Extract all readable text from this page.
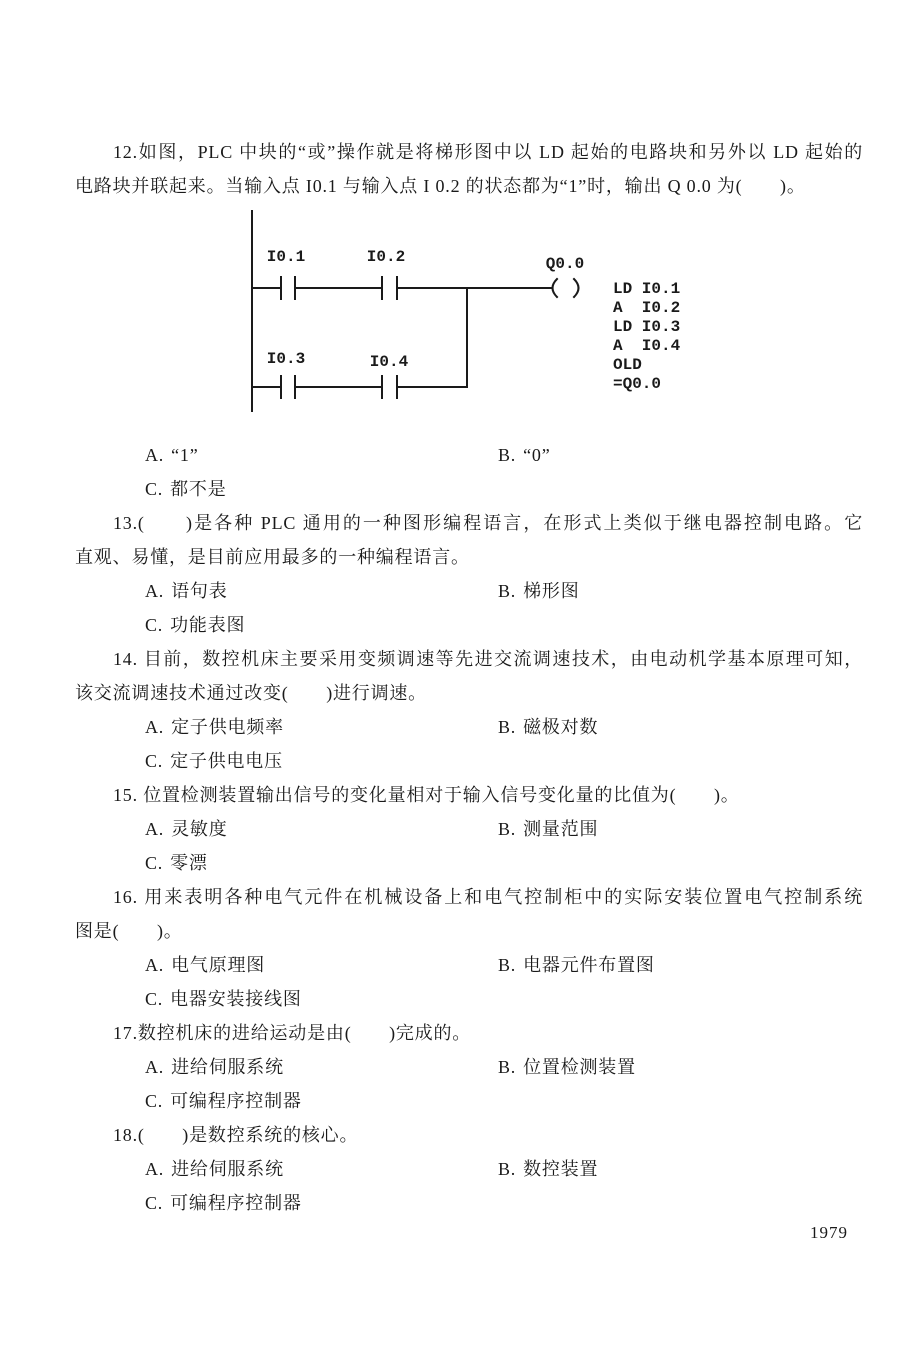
12.如图，PLC 中块的“或”操作就是将梯形图中以 LD 起始的电路块和另外以 LD 起始的
电路块并联起来。当输入点 I0.1 与输入点 I 0.2 的状态都为“1”时，输出 Q 0.0 为(　　)。
I0.1	I0.2
I0.3	I0.4
Q0.0
LD I0.1
A  I0.2
LD I0.3
A  I0.4
OLD
=Q0.0
A. “1”	B. “0”
C. 都不是
13.(　　)是各种 PLC 通用的一种图形编程语言，在形式上类似于继电器控制电路。它
直观、易懂，是目前应用最多的一种编程语言。
A. 语句表	B. 梯形图
C. 功能表图
14. 目前，数控机床主要采用变频调速等先进交流调速技术，由电动机学基本原理可知，
该交流调速技术通过改变(　　)进行调速。
A. 定子供电频率	B. 磁极对数
C. 定子供电电压
15. 位置检测装置输出信号的变化量相对于输入信号变化量的比值为(　　)。
A. 灵敏度	B. 测量范围
C. 零漂
16. 用来表明各种电气元件在机械设备上和电气控制柜中的实际安装位置电气控制系统
图是(　　)。
A. 电气原理图	B. 电器元件布置图
C. 电器安装接线图
17.数控机床的进给运动是由(　　)完成的。
A. 进给伺服系统	B. 位置检测装置
C. 可编程序控制器
18.(　　)是数控系统的核心。
A. 进给伺服系统	B. 数控装置
C. 可编程序控制器
1979
